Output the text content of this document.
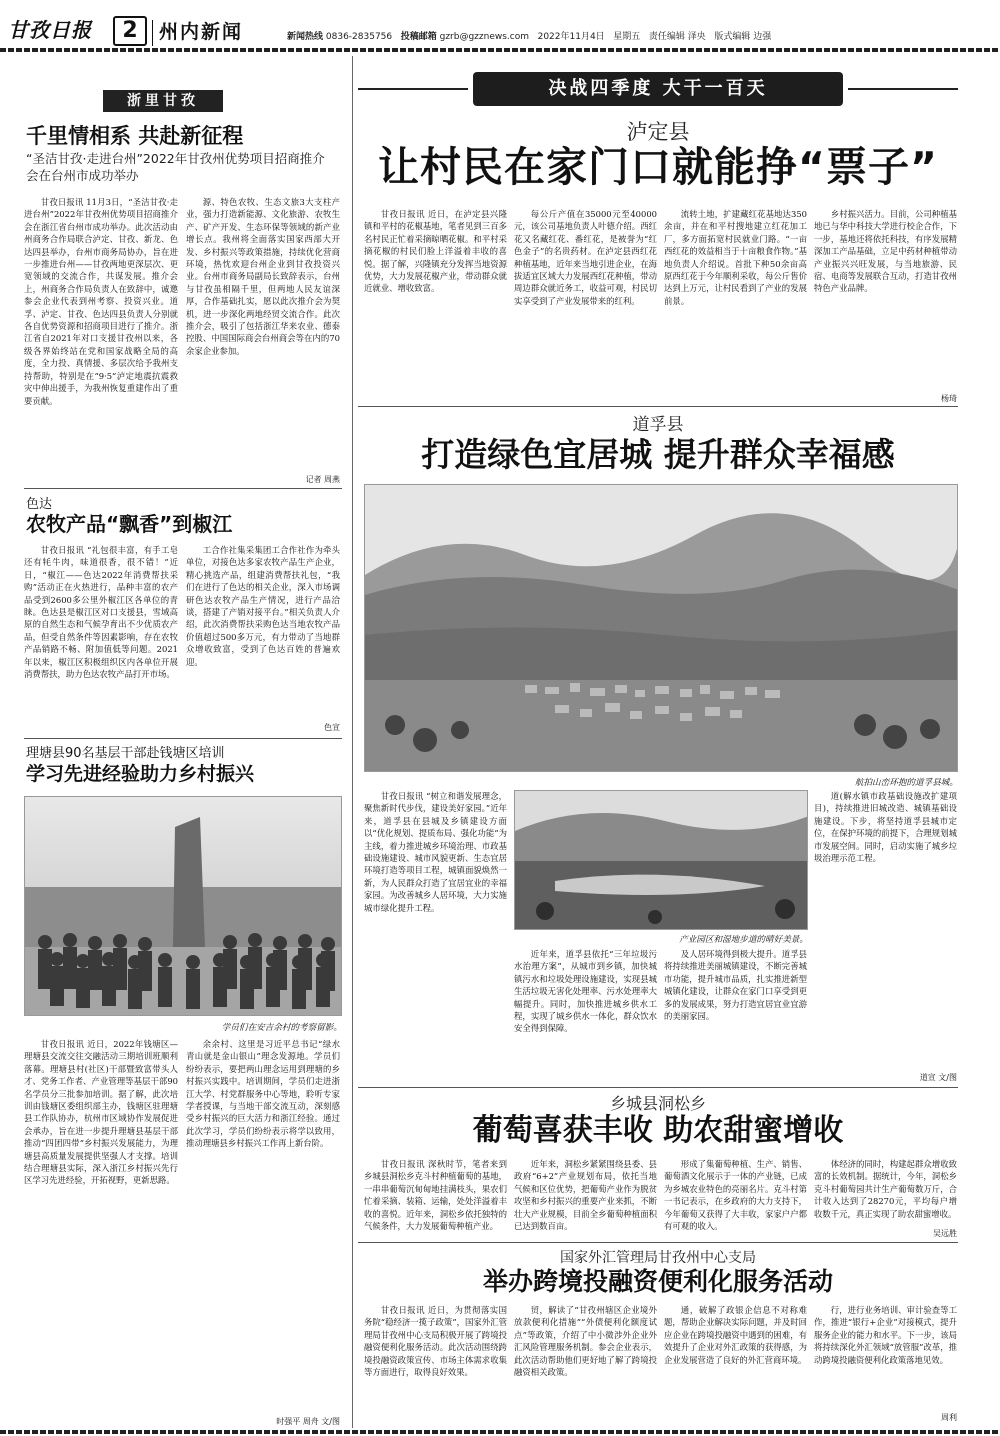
甘孜日报	2	州内新闻	新闻热线 0836-2835756 投稿邮箱 gzrb@gzznews.com 2022年11月4日 星期五 责任编辑 泽央 版式编辑 边强
浙里甘孜
千里情相系 共赴新征程
“圣洁甘孜·走进台州”2022年甘孜州优势项目招商推介会在台州市成功举办

甘孜日报讯 11月3日，“圣洁甘孜·走进台州”2022年甘孜州优势项目招商推介会在浙江省台州市成功举办。此次活动由州商务合作局联合泸定、甘孜、新龙、色达四县举办，台州市商务局协办，旨在进一步推进台州——甘孜两地更深层次、更宽领域的交流合作，共谋发展。推介会上，州商务合作局负责人在致辞中，诚邀参会企业代表到州考察、投资兴业。道孚、泸定、甘孜、色达四县负责人分别就各自优势资源和招商项目进行了推介。浙江省自2021年对口支援甘孜州以来，各级各界始终站在党和国家战略全局的高度，全力投、真情援、多层次给予我州支持帮助，特别是在“9·5”泸定地震抗震救灾中伸出援手，为我州恢复重建作出了重要贡献。

源、特色农牧、生态文旅3大支柱产业，强力打造新能源、文化旅游、农牧生产、矿产开发、生态环保等领域的新产业增长点。我州将全面落实国家西部大开发、乡村振兴等政策措施，持续优化营商环境，热忱欢迎台州企业到甘孜投资兴业。台州市商务局副局长致辞表示，台州与甘孜虽相隔千里，但两地人民友谊深厚，合作基础扎实，愿以此次推介会为契机，进一步深化两地经贸交流合作。此次推介会，吸引了包括浙江华来农业、德泰控股、中国国际商会台州商会等在内的70余家企业参加。

记者 周燕
色达
农牧产品“飘香”到椒江

甘孜日报讯 “礼包很丰富，有手工皂还有牦牛肉，味道很香，很不错！”近日，“椒江——色达2022年消费帮扶采购”活动正在火热进行，品种丰富的农产品受到2600多公里外椒江区各单位的青睐。色达县是椒江区对口支援县，雪域高原的自然生态和气候孕育出不少优质农产品，但受自然条件等因素影响，存在农牧产品销路不畅、附加值低等问题。2021年以来，椒江区积极组织区内各单位开展消费帮扶，助力色达农牧产品打开市场。

工合作社集采集团工合作社作为牵头单位，对接色达多家农牧产品生产企业，精心挑选产品，组建消费帮扶礼包，“我们在进行了色达的相关企业，深入市场调研色达农牧产品生产情况，进行产品洽谈，搭建了产销对接平台。”相关负责人介绍，此次消费帮扶采购色达当地农牧产品价值超过500多万元，有力带动了当地群众增收致富，受到了色达百姓的普遍欢迎。

色宣
理塘县90名基层干部赴钱塘区培训
学习先进经验助力乡村振兴
学员们在安吉余村的考察留影。

甘孜日报讯 近日，2022年钱塘区—理塘县交流交往交融活动三期培训班顺利落幕。理塘县村(社区)干部暨致富带头人才、党务工作者、产业管理等基层干部90名学员分三批参加培训。据了解，此次培训由钱塘区委组织部主办，钱塘区驻理塘县工作队协办，杭州市区域协作发展促进会承办，旨在进一步提升理塘县基层干部推动“四团四带”乡村振兴发展能力，为理塘县高质量发展提供坚强人才支撑。培训结合理塘县实际，深入浙江乡村振兴先行区学习先进经验，开拓视野，更新思路。

余余村、这里是习近平总书记“绿水青山就是金山银山”理念发源地。学员们纷纷表示，要把两山理念运用到理塘的乡村振兴实践中。培训期间，学员们走进浙江大学、村党群服务中心等地，聆听专家学者授课，与当地干部交流互动，深刻感受乡村振兴的巨大活力和浙江经验。通过此次学习，学员们纷纷表示将学以致用，推动理塘县乡村振兴工作再上新台阶。

时强平 周舟 文/图
决战四季度 大干一百天
泸定县
让村民在家门口就能挣“票子”

甘孜日报讯 近日，在泸定县兴隆镇和平村的花椒基地，笔者见到三百多名村民正忙着采摘晾晒花椒。和平村采摘花椒的村民们脸上洋溢着丰收的喜悦。据了解，兴隆镇充分发挥当地资源优势，大力发展花椒产业，带动群众就近就业、增收致富。

每公斤产值在35000元至40000元，该公司基地负责人叶德介绍。西红花又名藏红花、番红花，是被誉为“红色金子”的名贵药材。在泸定县西红花种植基地，近年来当地引进企业，在海拔适宜区域大力发展西红花种植，带动周边群众就近务工，收益可观，村民切实享受到了产业发展带来的红利。

流转土地，扩建藏红花基地达350余亩，并在和平村搜地建立红花加工厂，多方面拓宽村民就业门路。“一亩西红花的效益相当于十亩粮食作物。”基地负责人介绍说。首批下种50余亩高原西红花于今年顺利采收，每公斤售价达到上万元，让村民看到了产业的发展前景。

乡村振兴活力。目前，公司种植基地已与华中科技大学进行校企合作，下一步，基地还将依托科技，有序发展精深加工产品基础，立足中药材种植带动产业振兴兴旺发展，与当地旅游、民宿、电商等发展联合互动，打造甘孜州特色产业品牌。

杨琦
道孚县
打造绿色宜居城 提升群众幸福感
航拍山峦环抱的道孚县城。

甘孜日报讯 “树立和谐发展理念，聚焦新时代步伐，建设美好家园。”近年来，道孚县在县城及乡镇建设方面以“优化规划、提质布局、强化功能”为主线，着力推进城乡环境治理、市政基础设施建设、城市风貌更新、生态宜居环境打造等项目工程，城镇面貌焕然一新，为人民群众打造了宜居宜业的幸福家园。为改善城乡人居环境，大力实施城市绿化提升工程。

产业园区和湿地步道的晴好美景。

近年来，道孚县依托“三年垃圾污水治理方案”，从城市到乡镇，加快城镇污水和垃圾处理设施建设，实现县城生活垃圾无害化处理率、污水处理率大幅提升。同时，加快推进城乡供水工程，实现了城乡供水一体化，群众饮水安全得到保障。

及人居环境得到极大提升。道孚县将持续推进美丽城镇建设，不断完善城市功能，提升城市品质，扎实推进新型城镇化建设，让群众在家门口享受到更多的发展成果，努力打造宜居宜业宜游的美丽家园。

道(解水镇市政基础设施改扩建项目)，持续推进旧城改造、城镇基础设施建设。下步，将坚持道孚县城市定位，在保护环境的前提下，合理规划城市发展空间。同时，启动实施了城乡垃圾治理示范工程。

道宣 文/图
乡城县洞松乡
葡萄喜获丰收 助农甜蜜增收

甘孜日报讯 深秋时节，笔者来到乡城县洞松乡克斗村种植葡萄的基地，一串串葡萄沉甸甸地挂满枝头，果农们忙着采摘、装箱、运输，处处洋溢着丰收的喜悦。近年来，洞松乡依托独特的气候条件，大力发展葡萄种植产业。

近年来，洞松乡紧紧围绕县委、县政府“6+2”产业规划布局，依托当地气候和区位优势，把葡萄产业作为脱贫攻坚和乡村振兴的重要产业来抓，不断壮大产业规模，目前全乡葡萄种植面积已达到数百亩。

形成了集葡萄种植、生产、销售、葡萄酒文化展示于一体的产业链，已成为乡城农业特色的亮丽名片。克斗村第一书记表示，在乡政府的大力支持下，今年葡萄又获得了大丰收，家家户户都有可观的收入。

体经济的同时，构建起群众增收致富的长效机制。据统计，今年，洞松乡克斗村葡萄园共计生产葡萄数万斤，合计收入达到了28270元，平均每户增收数千元，真正实现了助农甜蜜增收。

吴远胜
国家外汇管理局甘孜州中心支局
举办跨境投融资便利化服务活动

甘孜日报讯 近日，为贯彻落实国务院“稳经济一揽子政策”，国家外汇管理局甘孜州中心支局积极开展了跨境投融资便利化服务活动。此次活动围绕跨境投融资政策宣传、市场主体需求收集等方面进行，取得良好效果。

贸，解读了“甘孜州辖区企业境外放款便利化措施”“外债便利化额度试点”等政策，介绍了中小微涉外企业外汇风险管理服务机制。参会企业表示，此次活动帮助他们更好地了解了跨境投融资相关政策。

通，破解了政银企信息不对称难题，帮助企业解决实际问题，并及时回应企业在跨境投融资中遇到的困难，有效提升了企业对外汇政策的获得感，为企业发展营造了良好的外汇营商环境。

行，进行业务培训、审计验查等工作，推进“银行+企业”对接模式，提升服务企业的能力和水平。下一步，该局将持续深化外汇领域“放管服”改革，推动跨境投融资便利化政策落地见效。

周利
